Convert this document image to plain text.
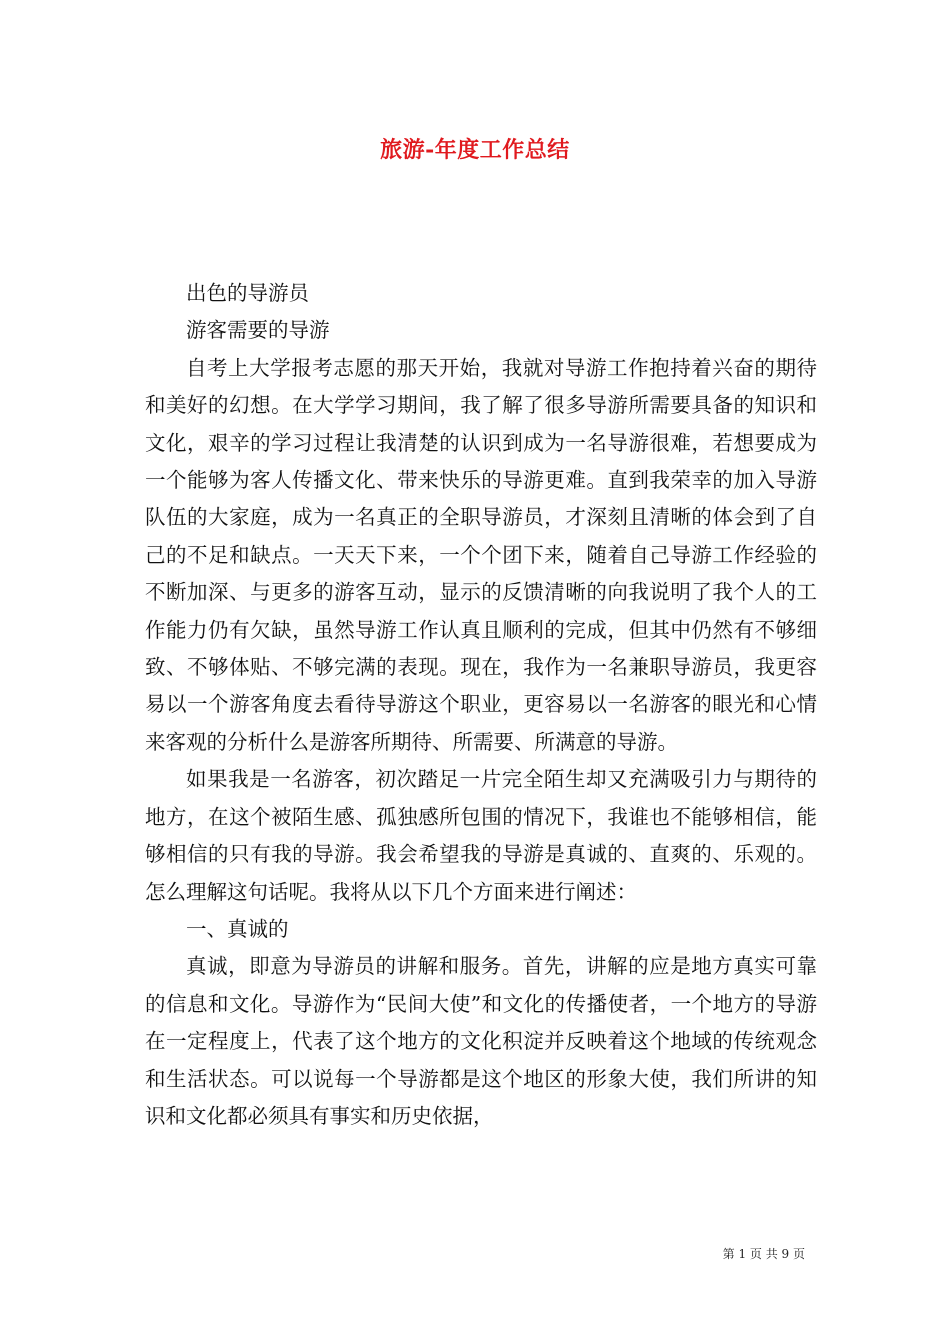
旅游-年度工作总结

出色的导游员

游客需要的导游

自考上大学报考志愿的那天开始，我就对导游工作抱持着兴奋的期待和美好的幻想。在大学学习期间，我了解了很多导游所需要具备的知识和文化，艰辛的学习过程让我清楚的认识到成为一名导游很难，若想要成为一个能够为客人传播文化、带来快乐的导游更难。直到我荣幸的加入导游队伍的大家庭，成为一名真正的全职导游员，才深刻且清晰的体会到了自己的不足和缺点。一天天下来，一个个团下来，随着自己导游工作经验的不断加深、与更多的游客互动，显示的反馈清晰的向我说明了我个人的工作能力仍有欠缺，虽然导游工作认真且顺利的完成，但其中仍然有不够细致、不够体贴、不够完满的表现。现在，我作为一名兼职导游员，我更容易以一个游客角度去看待导游这个职业，更容易以一名游客的眼光和心情来客观的分析什么是游客所期待、所需要、所满意的导游。

如果我是一名游客，初次踏足一片完全陌生却又充满吸引力与期待的地方，在这个被陌生感、孤独感所包围的情况下，我谁也不能够相信，能够相信的只有我的导游。我会希望我的导游是真诚的、直爽的、乐观的。怎么理解这句话呢。我将从以下几个方面来进行阐述：

一、真诚的

真诚，即意为导游员的讲解和服务。首先，讲解的应是地方真实可靠的信息和文化。导游作为“民间大使”和文化的传播使者，一个地方的导游在一定程度上，代表了这个地方的文化积淀并反映着这个地域的传统观念和生活状态。可以说每一个导游都是这个地区的形象大使，我们所讲的知识和文化都必须具有事实和历史依据，

第 1 页 共 9 页
